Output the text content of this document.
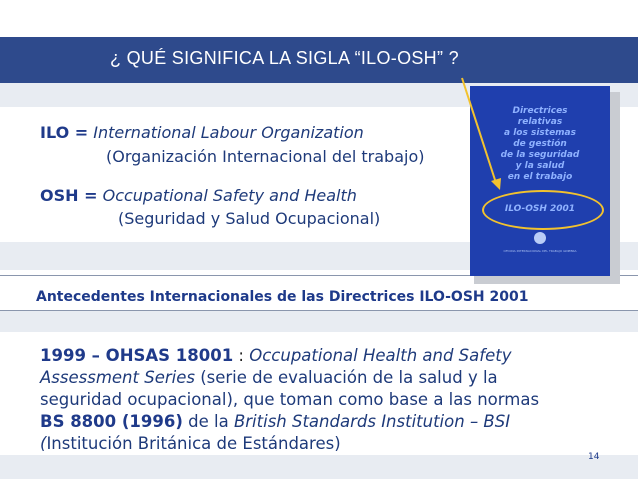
¿ QUÉ SIGNIFICA LA SIGLA “ILO-OSH” ?
ILO = International Labour Organization
(Organización Internacional del trabajo)
OSH = Occupational Safety and Health
(Seguridad y Salud Ocupacional)
Directrices
relativas
a los sistemas
de gestión
de la seguridad
y la salud
en el trabajo
ILO-OSH 2001
OFICINA INTERNACIONAL DEL TRABAJO GINEBRA
Antecedentes Internacionales de las Directrices ILO-OSH 2001
1999 – OHSAS 18001 : Occupational Health and Safety
Assessment Series (serie de evaluación de la salud y la
seguridad ocupacional), que toman como base a las normas
BS 8800 (1996) de la British Standards Institution – BSI
(Institución Británica de Estándares)
14
